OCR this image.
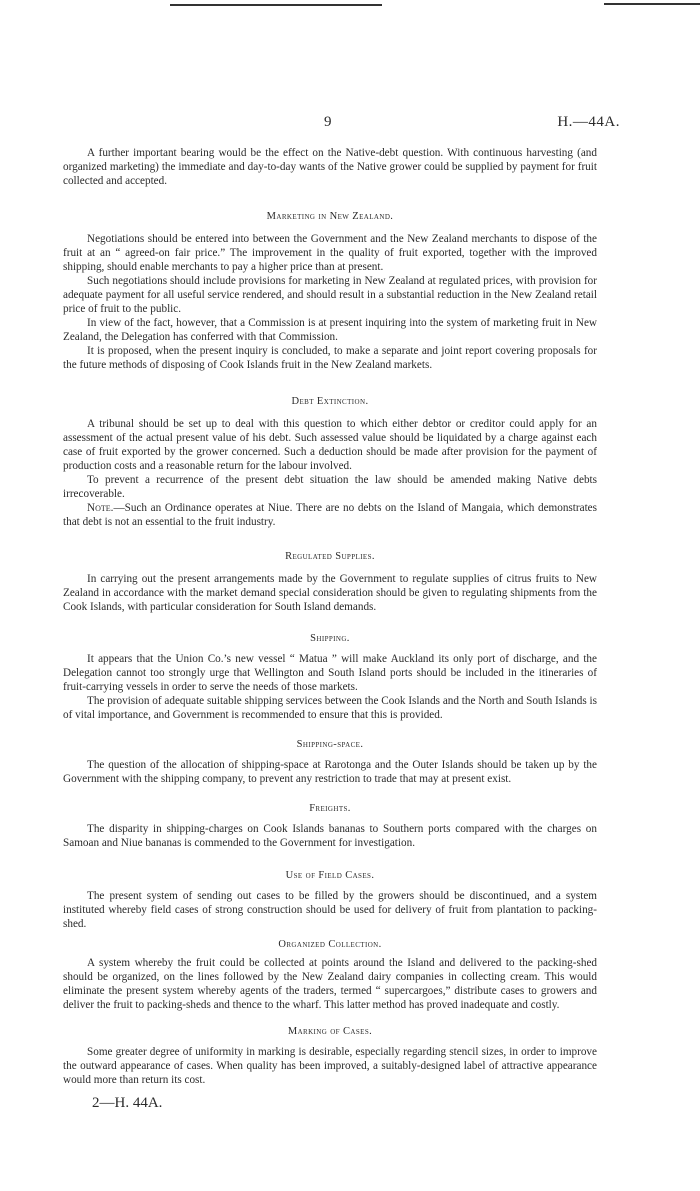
9	H.—44A.

A further important bearing would be the effect on the Native-debt question. With continuous harvesting (and organized marketing) the immediate and day-to-day wants of the Native grower could be supplied by payment for fruit collected and accepted.

Marketing in New Zealand.

Negotiations should be entered into between the Government and the New Zealand merchants to dispose of the fruit at an “ agreed-on fair price.” The improvement in the quality of fruit exported, together with the improved shipping, should enable merchants to pay a higher price than at present.

Such negotiations should include provisions for marketing in New Zealand at regulated prices, with provision for adequate payment for all useful service rendered, and should result in a substantial reduction in the New Zealand retail price of fruit to the public.

In view of the fact, however, that a Commission is at present inquiring into the system of marketing fruit in New Zealand, the Delegation has conferred with that Commission.

It is proposed, when the present inquiry is concluded, to make a separate and joint report covering proposals for the future methods of disposing of Cook Islands fruit in the New Zealand markets.

Debt Extinction.

A tribunal should be set up to deal with this question to which either debtor or creditor could apply for an assessment of the actual present value of his debt. Such assessed value should be liquidated by a charge against each case of fruit exported by the grower concerned. Such a deduction should be made after provision for the payment of production costs and a reasonable return for the labour involved.

To prevent a recurrence of the present debt situation the law should be amended making Native debts irrecoverable.

Note.—Such an Ordinance operates at Niue. There are no debts on the Island of Mangaia, which demonstrates that debt is not an essential to the fruit industry.

Regulated Supplies.

In carrying out the present arrangements made by the Government to regulate supplies of citrus fruits to New Zealand in accordance with the market demand special consideration should be given to regulating shipments from the Cook Islands, with particular consideration for South Island demands.

Shipping.

It appears that the Union Co.’s new vessel “ Matua ” will make Auckland its only port of discharge, and the Delegation cannot too strongly urge that Wellington and South Island ports should be included in the itineraries of fruit-carrying vessels in order to serve the needs of those markets.

The provision of adequate suitable shipping services between the Cook Islands and the North and South Islands is of vital importance, and Government is recommended to ensure that this is provided.

Shipping-space.

The question of the allocation of shipping-space at Rarotonga and the Outer Islands should be taken up by the Government with the shipping company, to prevent any restriction to trade that may at present exist.

Freights.

The disparity in shipping-charges on Cook Islands bananas to Southern ports compared with the charges on Samoan and Niue bananas is commended to the Government for investigation.

Use of Field Cases.

The present system of sending out cases to be filled by the growers should be discontinued, and a system instituted whereby field cases of strong construction should be used for delivery of fruit from plantation to packing-shed.

Organized Collection.

A system whereby the fruit could be collected at points around the Island and delivered to the packing-shed should be organized, on the lines followed by the New Zealand dairy companies in collecting cream. This would eliminate the present system whereby agents of the traders, termed “ supercargoes,” distribute cases to growers and deliver the fruit to packing-sheds and thence to the wharf. This latter method has proved inadequate and costly.

Marking of Cases.

Some greater degree of uniformity in marking is desirable, especially regarding stencil sizes, in order to improve the outward appearance of cases. When quality has been improved, a suitably-designed label of attractive appearance would more than return its cost.

2—H. 44A.
